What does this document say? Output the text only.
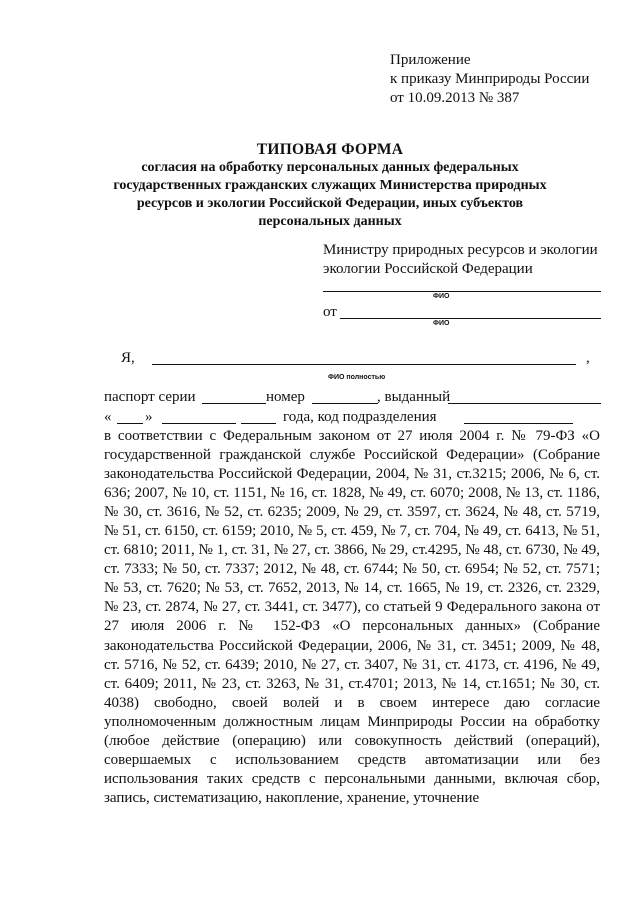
Приложение
к приказу Минприроды России
от 10.09.2013 № 387
ТИПОВАЯ ФОРМА
согласия на обработку персональных данных федеральных государственных гражданских служащих Министерства природных ресурсов и экологии Российской Федерации, иных субъектов персональных данных
Министру природных ресурсов и экологии
экологии Российской Федерации
ФИО
от
ФИО
Я,	,
ФИО полностью
паспорт серии	номер	, выданный
« »	года, код подразделения
в соответствии с Федеральным законом от 27 июля 2004 г. № 79-ФЗ «О государственной гражданской службе Российской Федерации» (Собрание законодательства Российской Федерации, 2004, № 31, ст.3215; 2006, № 6, ст. 636; 2007, № 10, ст. 1151, № 16, ст. 1828, № 49, ст. 6070; 2008, № 13, ст. 1186, № 30, ст. 3616, № 52, ст. 6235; 2009, № 29, ст. 3597, ст. 3624, № 48, ст. 5719, № 51, ст. 6150, ст. 6159; 2010, № 5, ст. 459, № 7, ст. 704, № 49, ст. 6413, № 51, ст. 6810; 2011, № 1, ст. 31, № 27, ст. 3866, № 29, ст.4295, № 48, ст. 6730, № 49, ст. 7333; № 50, ст. 7337; 2012, № 48, ст. 6744; № 50, ст. 6954; № 52, ст. 7571; № 53, ст. 7620; № 53, ст. 7652, 2013, № 14, ст. 1665, № 19, ст. 2326, ст. 2329, № 23, ст. 2874, № 27, ст. 3441, ст. 3477), со статьей 9 Федерального закона от 27 июля 2006 г. № 152-ФЗ «О персональных данных» (Собрание законодательства Российской Федерации, 2006, № 31, ст. 3451; 2009, № 48, ст. 5716, № 52, ст. 6439; 2010, № 27, ст. 3407, № 31, ст. 4173, ст. 4196, № 49, ст. 6409; 2011, № 23, ст. 3263, № 31, ст.4701; 2013, № 14, ст.1651; № 30, ст. 4038) свободно, своей волей и в своем интересе даю согласие уполномоченным должностным лицам Минприроды России на обработку (любое действие (операцию) или совокупность действий (операций), совершаемых с использованием средств автоматизации или без использования таких средств с персональными данными, включая сбор, запись, систематизацию, накопление, хранение, уточнение
